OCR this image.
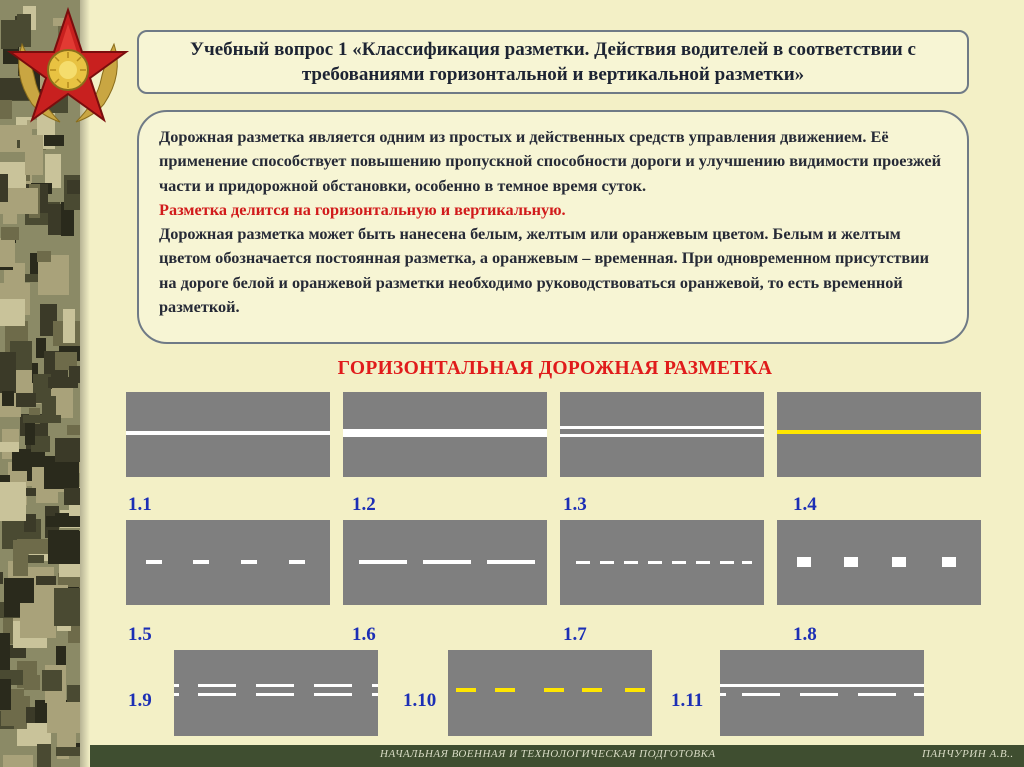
Учебный вопрос 1 «Классификация разметки. Действия водителей в соответствии с требованиями горизонтальной и вертикальной разметки»

Дорожная разметка является одним из простых и действенных средств управления движением. Её применение способствует повышению пропускной способности дороги и улучшению видимости проезжей части и придорожной обстановки, особенно в темное время суток.

Разметка делится на горизонтальную и вертикальную.

Дорожная разметка может быть нанесена белым, желтым или оранжевым цветом. Белым и желтым цветом обозначается постоянная разметка, а оранжевым – временная. При одновременном присутствии на дороге белой и оранжевой разметки необходимо руководствоваться оранжевой, то есть временной разметкой.

ГОРИЗОНТАЛЬНАЯ ДОРОЖНАЯ РАЗМЕТКА
1.1	1.2	1.3	1.4
1.5	1.6	1.7	1.8
1.9	1.10	1.11
НАЧАЛЬНАЯ ВОЕННАЯ И ТЕХНОЛОГИЧЕСКАЯ ПОДГОТОВКА	ПАНЧУРИН А.В..
